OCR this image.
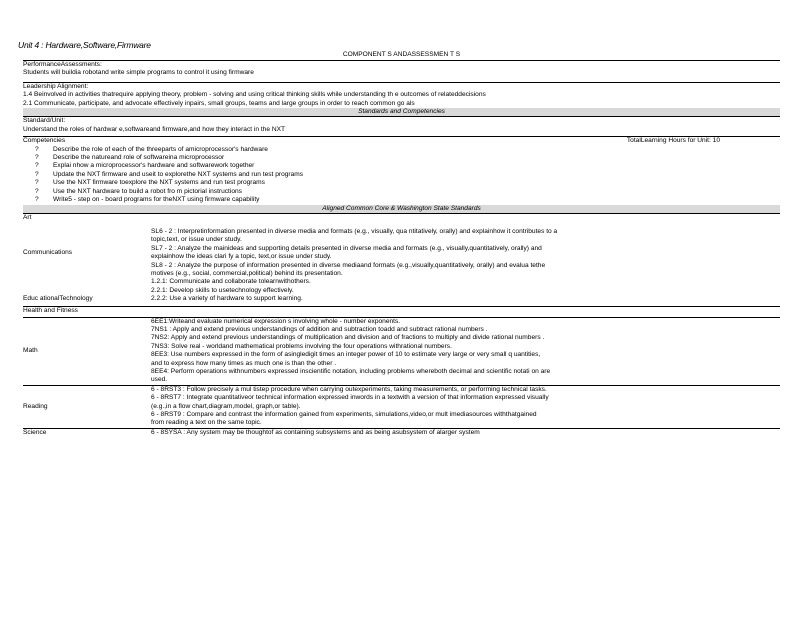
Unit 4 : Hardware,Software,Firmware
COMPONENT S ANDASSESSMEN T S
PerformanceAssessments:
Students will buildia robotand write simple programs to control it using firmware
Leadership Alignment:
1.4 Beinvolved in activities thatrequire applying theory, problem - solving and using critical thinking skills while understanding th e outcomes of relateddecisions
2.1 Communicate, participate, and advocate effectively inpairs, small groups, teams and large groups in order to reach common go als
Standards and Competencies
Standard/Unit:
Understand the roles of hardwar e,softwareand firmware,and how they interact in the NXT
Competencies	TotalLearning Hours for Unit: 10
? Describe the role of each of the threeparts of amicroprocessor's hardware
? Describe the natureand role of softwareina microprocessor
? Explai nhow a microprocessor's hardware and softwarework together
? Update the NXT firmware and useit to explorethe NXT systems and run test programs
? Use the NXT firmware toexplore the NXT systems and run test programs
? Use the NXT hardware to build a robot fro m pictorial instructions
? Write5 - step on - board programs for theNXT using firmware capability
Aligned Common Core & Washington State Standards
Art
Communications
SL6 - 2 : Interpretinformation presented in diverse media and formats (e.g., visually, qua ntitatively, orally) and explainhow it contributes to a
topic,text, or issue under study.
SL7 - 2 : Analyze the mainideas and supporting details presented in diverse media and formats (e.g., visually,quantitatively, orally) and
explainhow the ideas clari fy a topic, text,or issue under study.
SL8 - 2 : Analyze the purpose of information presented in diverse mediaand formats (e.g.,visually,quantitatively, orally) and evalua tethe
motives (e.g., social, commercial,political) behind its presentation.
Educ ationalTechnology
1.2.1: Communicate and collaborate tolearnwithothers.
2.2.1: Develop skills to usetechnology effectively.
2.2.2: Use a variety of hardware to support learning.
Health and Fitness
Math
6EE1:Writeand evaluate numerical expression s involving whole - number exponents.
7NS1 : Apply and extend previous understandings of addition and subtraction toadd and subtract rational numbers .
7NS2: Apply and extend previous understandings of multiplication and division and of fractions to multiply and divide rational numbers .
7NS3: Solve real - worldand mathematical problems involving the four operations withrational numbers.
8EE3: Use numbers expressed in the form of asingledigit times an integer power of 10 to estimate very large or very small q uantities,
and to express how many times as much one is than the other .
8EE4: Perform operations withnumbers expressed inscientific notation, including problems whereboth decimal and scientific notati on are
used.
Reading
6 - 8RST3 : Follow precisely a mul tistep procedure when carrying outexperiments, taking measurements, or performing technical tasks.
6 - 8RST7 : Integrate quantitativeor technical information expressed inwords in a textwith a version of that information expressed visually
(e.g.,in a flow chart,diagram,model, graph,or table).
6 - 8RST9 : Compare and contrast the information gained from experiments, simulations,video,or mult imediasources withthatgained
from reading a text on the same topic.
Science	6 - 8SYSA : Any system may be thoughtof as containing subsystems and as being asubsystem of alarger system
